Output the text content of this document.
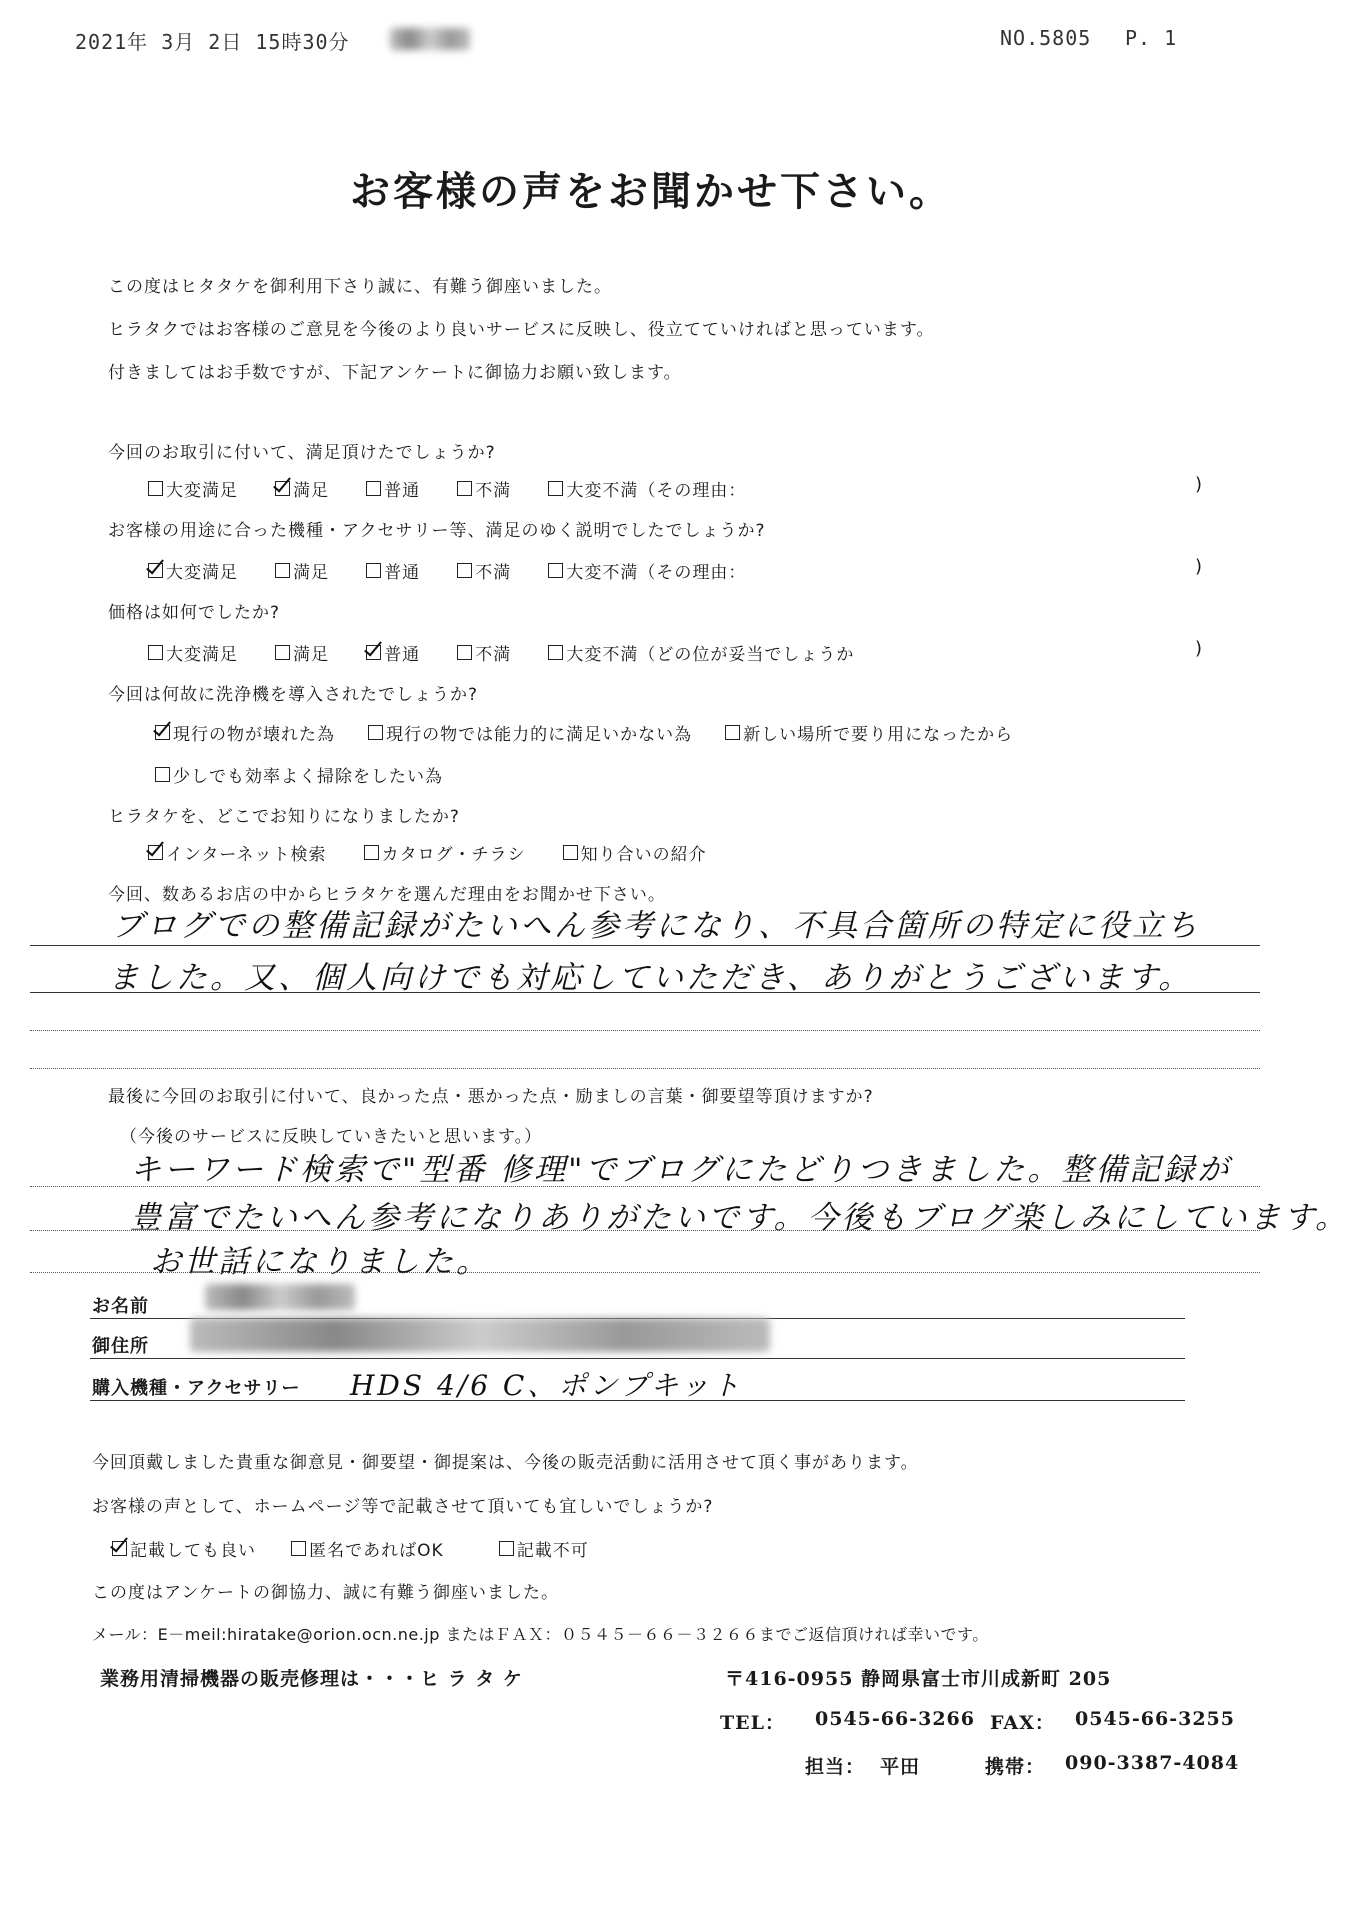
2021年 3月 2日 15時30分	NO.5805 P. 1
お客様の声をお聞かせ下さい。
この度はヒタタケを御利用下さり誠に、有難う御座いました。
ヒラタクではお客様のご意見を今後のより良いサービスに反映し、役立てていければと思っています。
付きましてはお手数ですが、下記アンケートに御協力お願い致します。
今回のお取引に付いて、満足頂けたでしょうか?
大変満足
	満足
	普通
	不満
	大変不満（その理由：	)
お客様の用途に合った機種・アクセサリー等、満足のゆく説明でしたでしょうか?
大変満足
	満足
	普通
	不満
	大変不満（その理由：	)
価格は如何でしたか?
大変満足
	満足
	普通
	不満
	大変不満（どの位が妥当でしょうか	)
今回は何故に洗浄機を導入されたでしょうか?
現行の物が壊れた為
	現行の物では能力的に満足いかない為
	新しい場所で要り用になったから
少しでも効率よく掃除をしたい為
ヒラタケを、どこでお知りになりましたか?
インターネット検索
	カタログ・チラシ
	知り合いの紹介
今回、数あるお店の中からヒラタケを選んだ理由をお聞かせ下さい。
ブログでの整備記録がたいへん参考になり、不具合箇所の特定に役立ち
ました。又、個人向けでも対応していただき、ありがとうございます。
最後に今回のお取引に付いて、良かった点・悪かった点・励ましの言葉・御要望等頂けますか?
（今後のサービスに反映していきたいと思います。）
キーワード検索で"型番 修理"でブログにたどりつきました。整備記録が
豊富でたいへん参考になりありがたいです。今後もブログ楽しみにしています。
お世話になりました。
お名前
御住所
購入機種・アクセサリー HDS 4/6 C、ポンプキット
今回頂戴しました貴重な御意見・御要望・御提案は、今後の販売活動に活用させて頂く事があります。
お客様の声として、ホームページ等で記載させて頂いても宜しいでしょうか?
記載しても良い
	匿名であればOK
	記載不可
この度はアンケートの御協力、誠に有難う御座いました。
メール：E－meil:hiratake@orion.ocn.ne.jp またはＦＡＸ：０５４５－６６－３２６６までご返信頂ければ幸いです。
業務用清掃機器の販売修理は・・・ヒ ラ タ ケ	〒416-0955 静岡県富士市川成新町 205
TEL： 0545-66-3266 FAX： 0545-66-3255
担当： 平田	携帯： 090-3387-4084
